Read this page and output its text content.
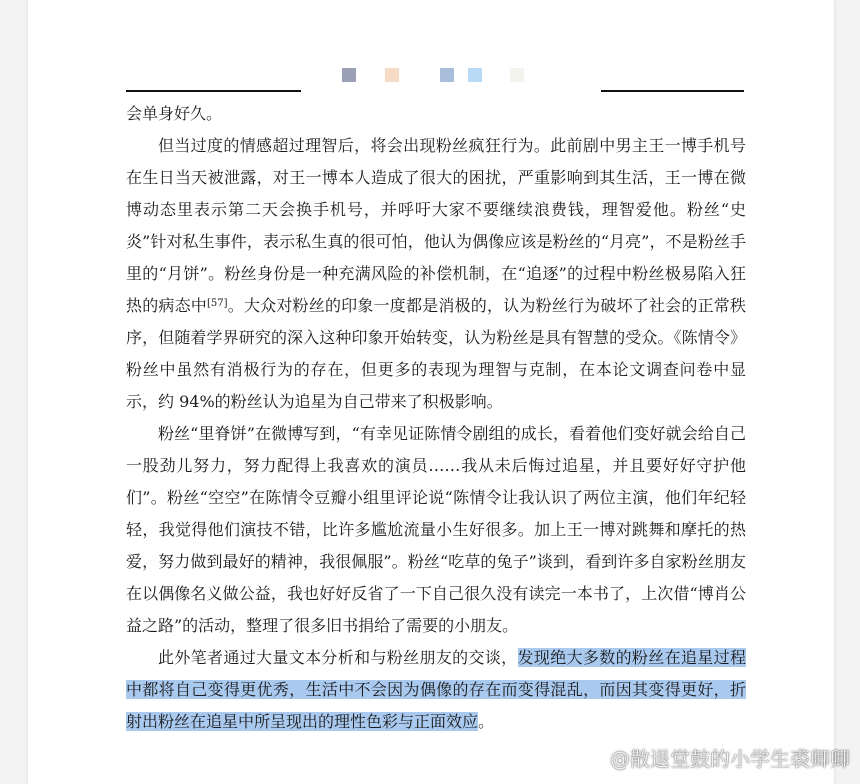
会单身好久。

但当过度的情感超过理智后，将会出现粉丝疯狂行为。此前剧中男主王一博手机号在生日当天被泄露，对王一博本人造成了很大的困扰，严重影响到其生活，王一博在微博动态里表示第二天会换手机号，并呼吁大家不要继续浪费钱，理智爱他。粉丝“史炎”针对私生事件，表示私生真的很可怕，他认为偶像应该是粉丝的“月亮”，不是粉丝手里的“月饼”。粉丝身份是一种充满风险的补偿机制，在“追逐”的过程中粉丝极易陷入狂热的病态中[57]。大众对粉丝的印象一度都是消极的，认为粉丝行为破坏了社会的正常秩序，但随着学界研究的深入这种印象开始转变，认为粉丝是具有智慧的受众。《陈情令》粉丝中虽然有消极行为的存在，但更多的表现为理智与克制，在本论文调查问卷中显示，约 94%的粉丝认为追星为自己带来了积极影响。

粉丝“里脊饼”在微博写到，“有幸见证陈情令剧组的成长，看着他们变好就会给自己一股劲儿努力，努力配得上我喜欢的演员……我从未后悔过追星，并且要好好守护他们”。粉丝“空空”在陈情令豆瓣小组里评论说“陈情令让我认识了两位主演，他们年纪轻轻，我觉得他们演技不错，比许多尴尬流量小生好很多。加上王一博对跳舞和摩托的热爱，努力做到最好的精神，我很佩服”。粉丝“吃草的兔子”谈到，看到许多自家粉丝朋友在以偶像名义做公益，我也好好反省了一下自己很久没有读完一本书了，上次借“博肖公益之路”的活动，整理了很多旧书捐给了需要的小朋友。

此外笔者通过大量文本分析和与粉丝朋友的交谈，发现绝大多数的粉丝在追星过程中都将自己变得更优秀，生活中不会因为偶像的存在而变得混乱，而因其变得更好，折射出粉丝在追星中所呈现出的理性色彩与正面效应。

@散退堂鼓的小学生裘卿卿
